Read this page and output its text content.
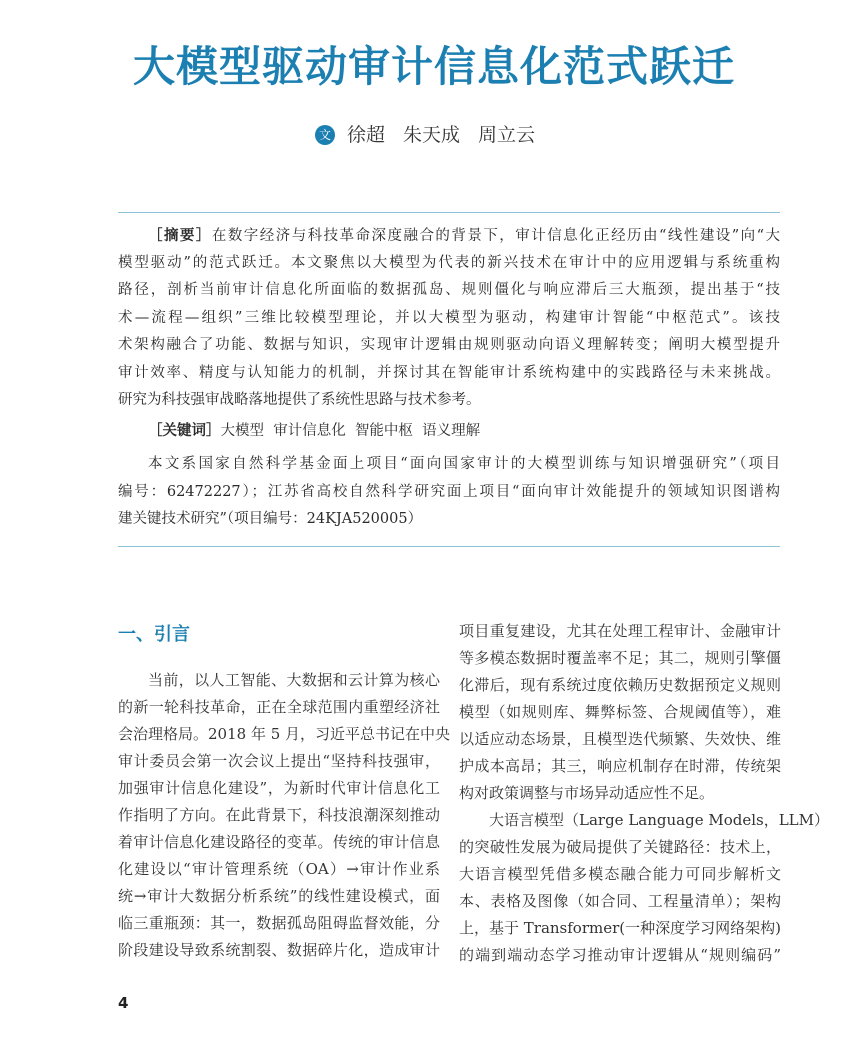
大模型驱动审计信息化范式跃迁
文 徐超 朱天成 周立云
［摘要］在数字经济与科技革命深度融合的背景下，审计信息化正经历由“线性建设”向“大
模型驱动”的范式跃迁。本文聚焦以大模型为代表的新兴技术在审计中的应用逻辑与系统重构
路径，剖析当前审计信息化所面临的数据孤岛、规则僵化与响应滞后三大瓶颈，提出基于“技
术—流程—组织”三维比较模型理论，并以大模型为驱动，构建审计智能“中枢范式”。该技
术架构融合了功能、数据与知识，实现审计逻辑由规则驱动向语义理解转变；阐明大模型提升
审计效率、精度与认知能力的机制，并探讨其在智能审计系统构建中的实践路径与未来挑战。
研究为科技强审战略落地提供了系统性思路与技术参考。
［关键词］大模型 审计信息化 智能中枢 语义理解
本文系国家自然科学基金面上项目“面向国家审计的大模型训练与知识增强研究”（项目
编号：62472227）；江苏省高校自然科学研究面上项目“面向审计效能提升的领域知识图谱构
建关键技术研究”（项目编号：24KJA520005）
一、引言
当前，以人工智能、大数据和云计算为核心
的新一轮科技革命，正在全球范围内重塑经济社
会治理格局。2018 年 5 月，习近平总书记在中央
审计委员会第一次会议上提出“坚持科技强审，
加强审计信息化建设”，为新时代审计信息化工
作指明了方向。在此背景下，科技浪潮深刻推动
着审计信息化建设路径的变革。传统的审计信息
化建设以“审计管理系统（OA）→审计作业系
统→审计大数据分析系统”的线性建设模式，面
临三重瓶颈：其一，数据孤岛阻碍监督效能，分
阶段建设导致系统割裂、数据碎片化，造成审计
项目重复建设，尤其在处理工程审计、金融审计
等多模态数据时覆盖率不足；其二，规则引擎僵
化滞后，现有系统过度依赖历史数据预定义规则
模型（如规则库、舞弊标签、合规阈值等），难
以适应动态场景，且模型迭代频繁、失效快、维
护成本高昂；其三，响应机制存在时滞，传统架
构对政策调整与市场异动适应性不足。
大语言模型（Large Language Models，LLM）
的突破性发展为破局提供了关键路径：技术上，
大语言模型凭借多模态融合能力可同步解析文
本、表格及图像（如合同、工程量清单）；架构
上，基于 Transformer(一种深度学习网络架构)
的端到端动态学习推动审计逻辑从“规则编码”
4
